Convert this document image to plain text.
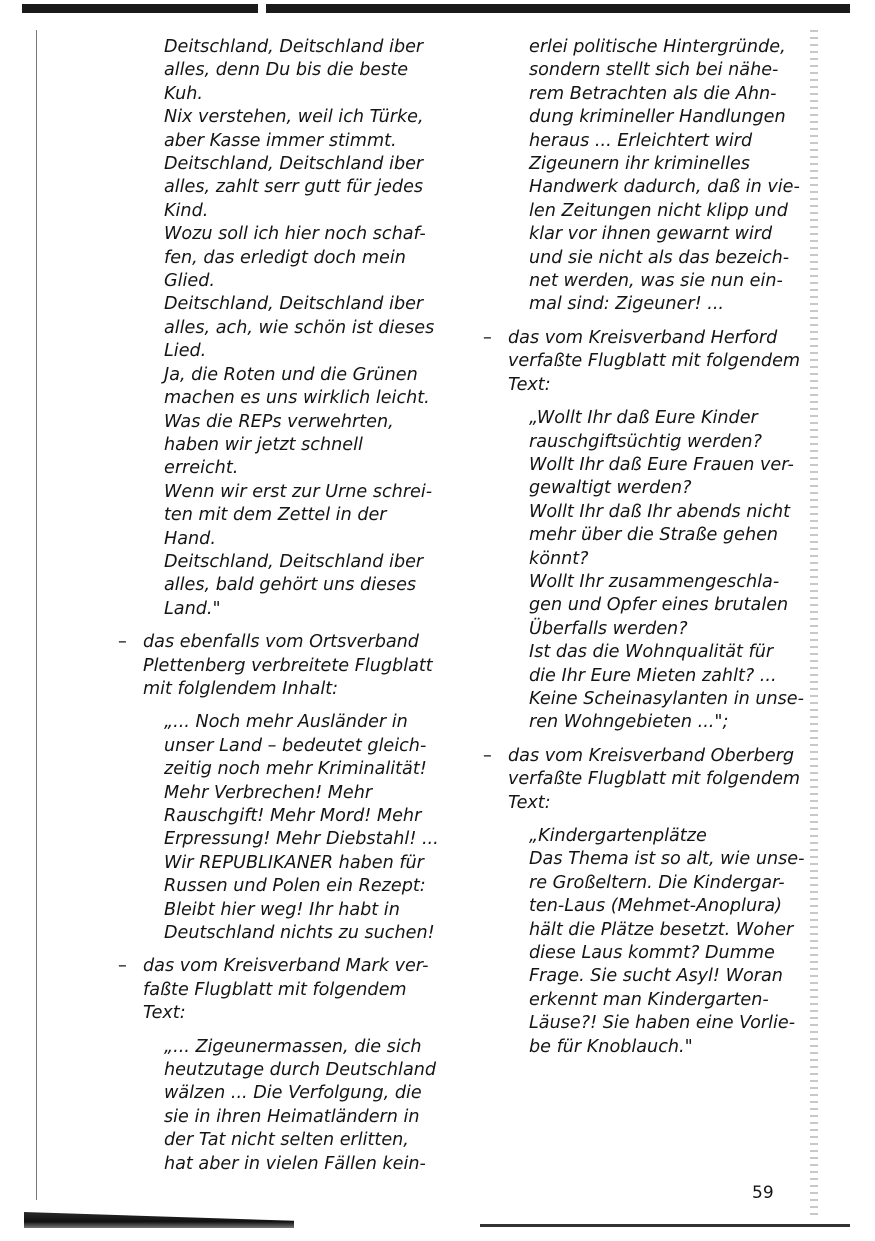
Deitschland, Deitschland iber
alles, denn Du bis die beste
Kuh.
Nix verstehen, weil ich Türke,
aber Kasse immer stimmt.
Deitschland, Deitschland iber
alles, zahlt serr gutt für jedes
Kind.
Wozu soll ich hier noch schaf-
fen, das erledigt doch mein
Glied.
Deitschland, Deitschland iber
alles, ach, wie schön ist dieses
Lied.
Ja, die Roten und die Grünen
machen es uns wirklich leicht.
Was die REPs verwehrten,
haben wir jetzt schnell
erreicht.
Wenn wir erst zur Urne schrei-
ten mit dem Zettel in der
Hand.
Deitschland, Deitschland iber
alles, bald gehört uns dieses
Land."
– das ebenfalls vom Ortsverband
Plettenberg verbreitete Flugblatt
mit folglendem Inhalt:
„... Noch mehr Ausländer in
unser Land – bedeutet gleich-
zeitig noch mehr Kriminalität!
Mehr Verbrechen! Mehr
Rauschgift! Mehr Mord! Mehr
Erpressung! Mehr Diebstahl! ...
Wir REPUBLIKANER haben für
Russen und Polen ein Rezept:
Bleibt hier weg! Ihr habt in
Deutschland nichts zu suchen!
– das vom Kreisverband Mark ver-
faßte Flugblatt mit folgendem
Text:
„... Zigeunermassen, die sich
heutzutage durch Deutschland
wälzen ... Die Verfolgung, die
sie in ihren Heimatländern in
der Tat nicht selten erlitten,
hat aber in vielen Fällen kein-
erlei politische Hintergründe,
sondern stellt sich bei nähe-
rem Betrachten als die Ahn-
dung krimineller Handlungen
heraus ... Erleichtert wird
Zigeunern ihr kriminelles
Handwerk dadurch, daß in vie-
len Zeitungen nicht klipp und
klar vor ihnen gewarnt wird
und sie nicht als das bezeich-
net werden, was sie nun ein-
mal sind: Zigeuner! ...
– das vom Kreisverband Herford
verfaßte Flugblatt mit folgendem
Text:
„Wollt Ihr daß Eure Kinder
rauschgiftsüchtig werden?
Wollt Ihr daß Eure Frauen ver-
gewaltigt werden?
Wollt Ihr daß Ihr abends nicht
mehr über die Straße gehen
könnt?
Wollt Ihr zusammengeschla-
gen und Opfer eines brutalen
Überfalls werden?
Ist das die Wohnqualität für
die Ihr Eure Mieten zahlt? ...
Keine Scheinasylanten in unse-
ren Wohngebieten ...";
– das vom Kreisverband Oberberg
verfaßte Flugblatt mit folgendem
Text:
„Kindergartenplätze
Das Thema ist so alt, wie unse-
re Großeltern. Die Kindergar-
ten-Laus (Mehmet-Anoplura)
hält die Plätze besetzt. Woher
diese Laus kommt? Dumme
Frage. Sie sucht Asyl! Woran
erkennt man Kindergarten-
Läuse?! Sie haben eine Vorlie-
be für Knoblauch."
59
